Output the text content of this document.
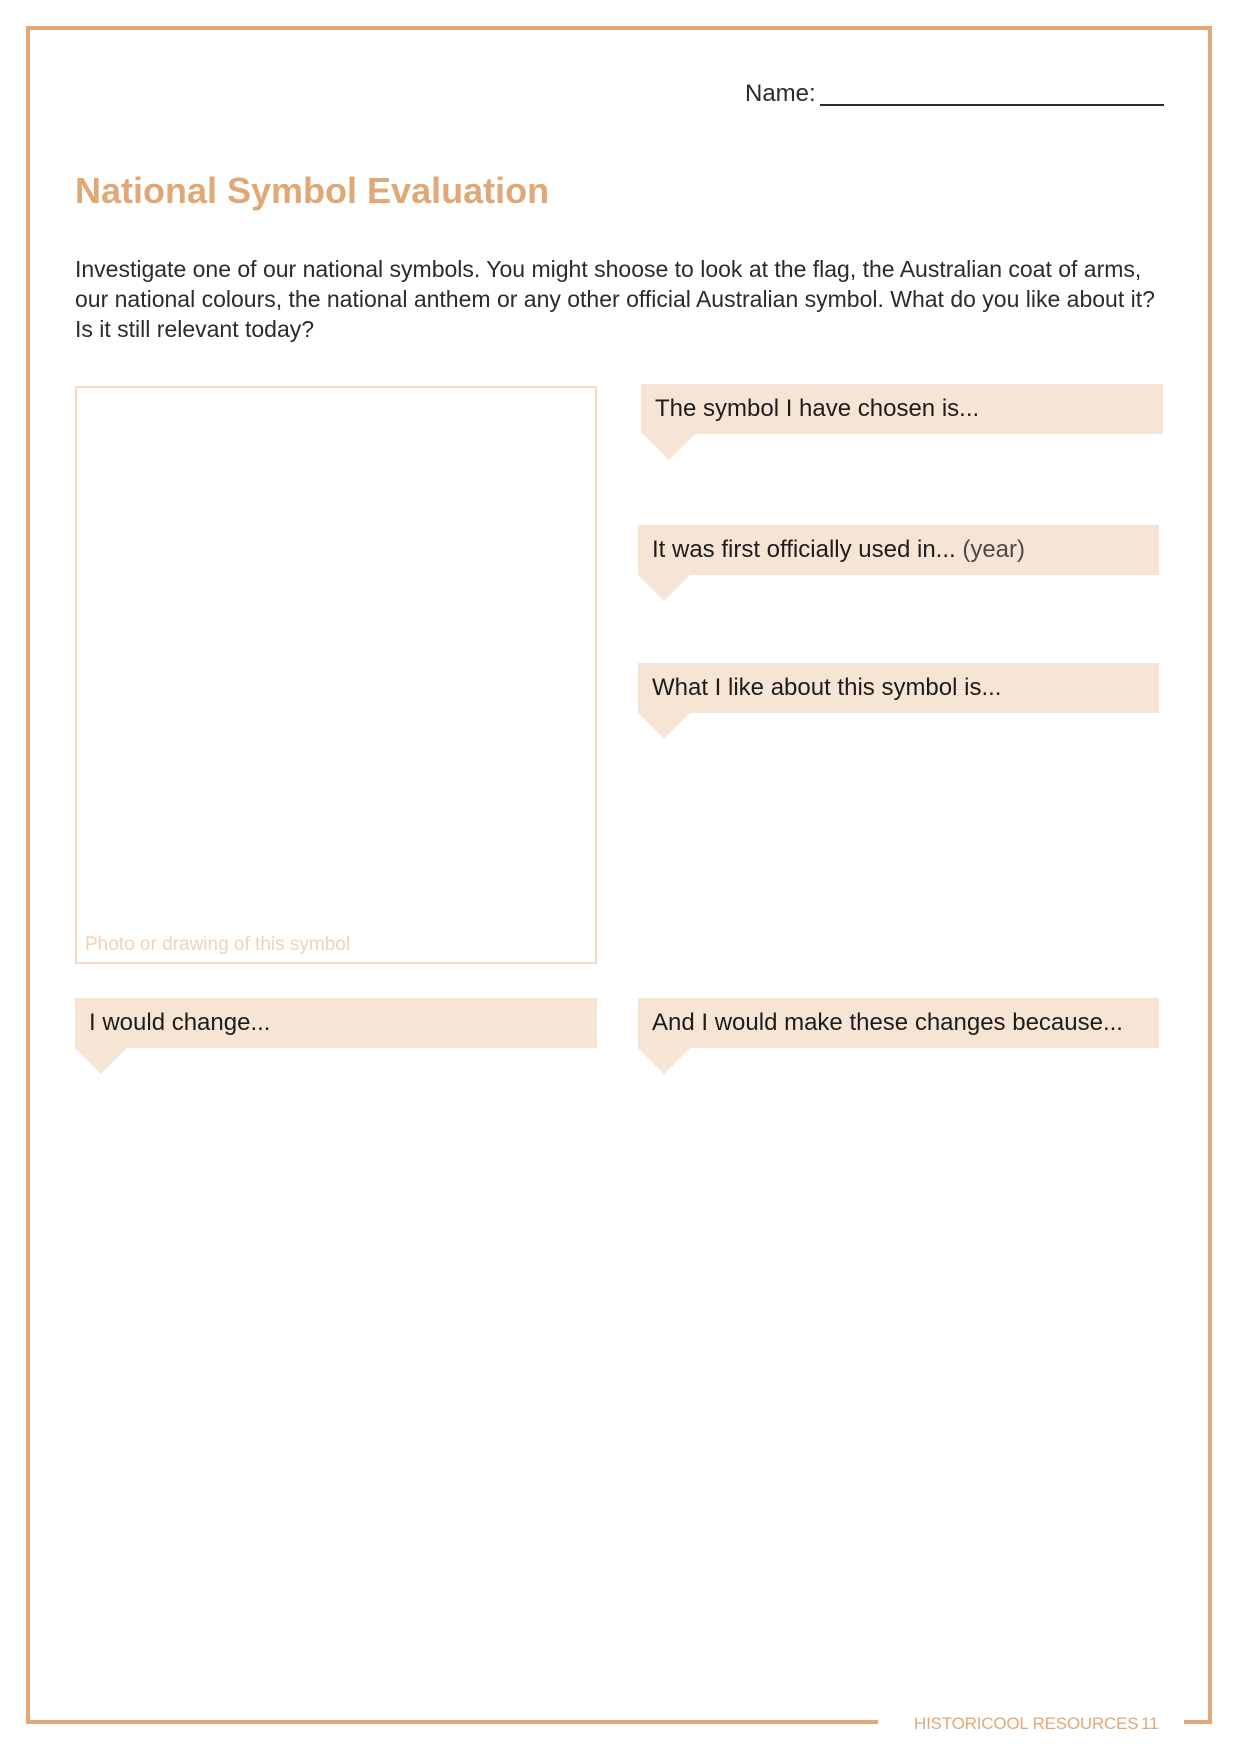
HISTORICOOL RESOURCES 11
Name:
National Symbol Evaluation

Investigate one of our national symbols. You might shoose to look at the flag, the Australian coat of arms, our national colours, the national anthem or any other official Australian symbol. What do you like about it? Is it still relevant today?

Photo or drawing of this symbol
The symbol I have chosen is...
It was first officially used in... (year)
What I like about this symbol is...
I would change...	And I would make these changes because...
